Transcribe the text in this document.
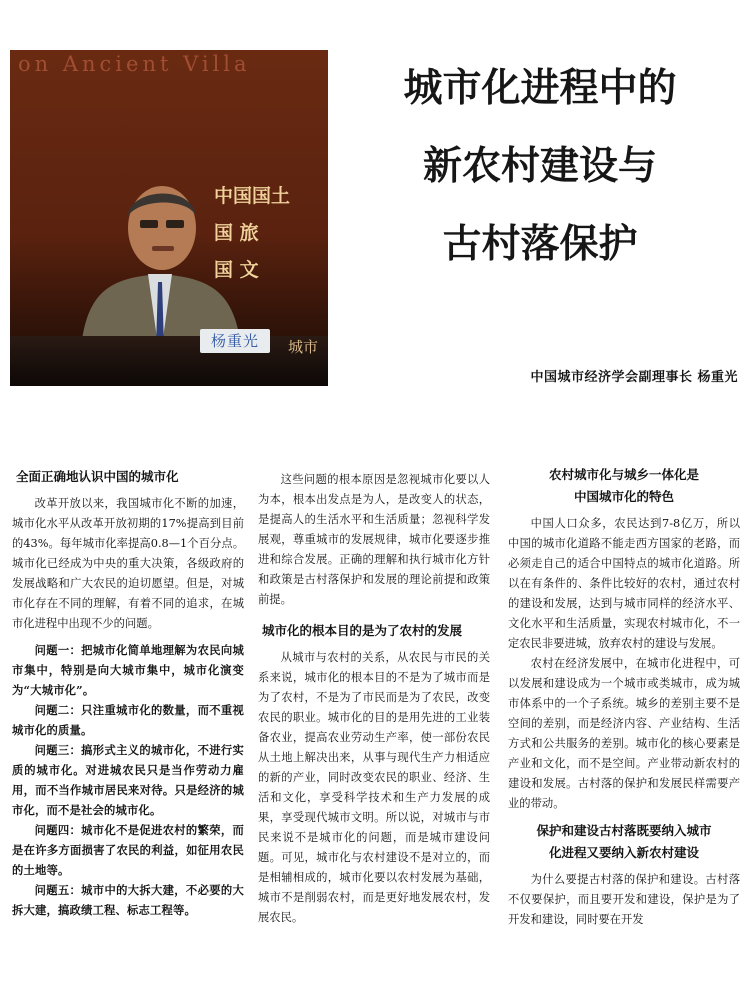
on Ancient Villa
中国国土
国 旅
国 文
杨重光	城市
城市化进程中的
新农村建设与
古村落保护
中国城市经济学会副理事长 杨重光
全面正确地认识中国的城市化

改革开放以来，我国城市化不断的加速，城市化水平从改革开放初期的17%提高到目前的43%。每年城市化率提高0.8—1个百分点。城市化已经成为中央的重大决策，各级政府的发展战略和广大农民的迫切愿望。但是，对城市化存在不同的理解，有着不同的追求，在城市化进程中出现不少的问题。

问题一：把城市化简单地理解为农民向城市集中，特别是向大城市集中，城市化演变为“大城市化”。

问题二：只注重城市化的数量，而不重视城市化的质量。

问题三：搞形式主义的城市化，不进行实质的城市化。对进城农民只是当作劳动力雇用，而不当作城市居民来对待。只是经济的城市化，而不是社会的城市化。

问题四：城市化不是促进农村的繁荣，而是在许多方面损害了农民的利益，如征用农民的土地等。

问题五：城市中的大拆大建，不必要的大拆大建，搞政绩工程、标志工程等。

这些问题的根本原因是忽视城市化要以人为本，根本出发点是为人，是改变人的状态，是提高人的生活水平和生活质量；忽视科学发展观，尊重城市的发展规律，城市化要逐步推进和综合发展。正确的理解和执行城市化方针和政策是古村落保护和发展的理论前提和政策前提。

城市化的根本目的是为了农村的发展

从城市与农村的关系，从农民与市民的关系来说，城市化的根本目的不是为了城市而是为了农村，不是为了市民而是为了农民，改变农民的职业。城市化的目的是用先进的工业装备农业，提高农业劳动生产率，使一部份农民从土地上解决出来，从事与现代生产力相适应的新的产业，同时改变农民的职业、经济、生活和文化，享受科学技术和生产力发展的成果，享受现代城市文明。所以说，对城市与市民来说不是城市化的问题，而是城市建设问题。可见，城市化与农村建设不是对立的，而是相辅相成的，城市化要以农村发展为基础，城市不是削弱农村，而是更好地发展农村，发展农民。

农村城市化与城乡一体化是
中国城市化的特色

中国人口众多，农民达到7-8亿万，所以中国的城市化道路不能走西方国家的老路，而必须走自己的适合中国特点的城市化道路。所以在有条件的、条件比较好的农村，通过农村的建设和发展，达到与城市同样的经济水平、文化水平和生活质量，实现农村城市化，不一定农民非要进城，放弃农村的建设与发展。

农村在经济发展中，在城市化进程中，可以发展和建设成为一个城市或类城市，成为城市体系中的一个子系统。城乡的差别主要不是空间的差别，而是经济内容、产业结构、生活方式和公共服务的差别。城市化的核心要素是产业和文化，而不是空间。产业带动新农村的建设和发展。古村落的保护和发展民样需要产业的带动。

保护和建设古村落既要纳入城市
化进程又要纳入新农村建设

为什么要提古村落的保护和建设。古村落不仅要保护，而且要开发和建设，保护是为了开发和建设，同时要在开发
